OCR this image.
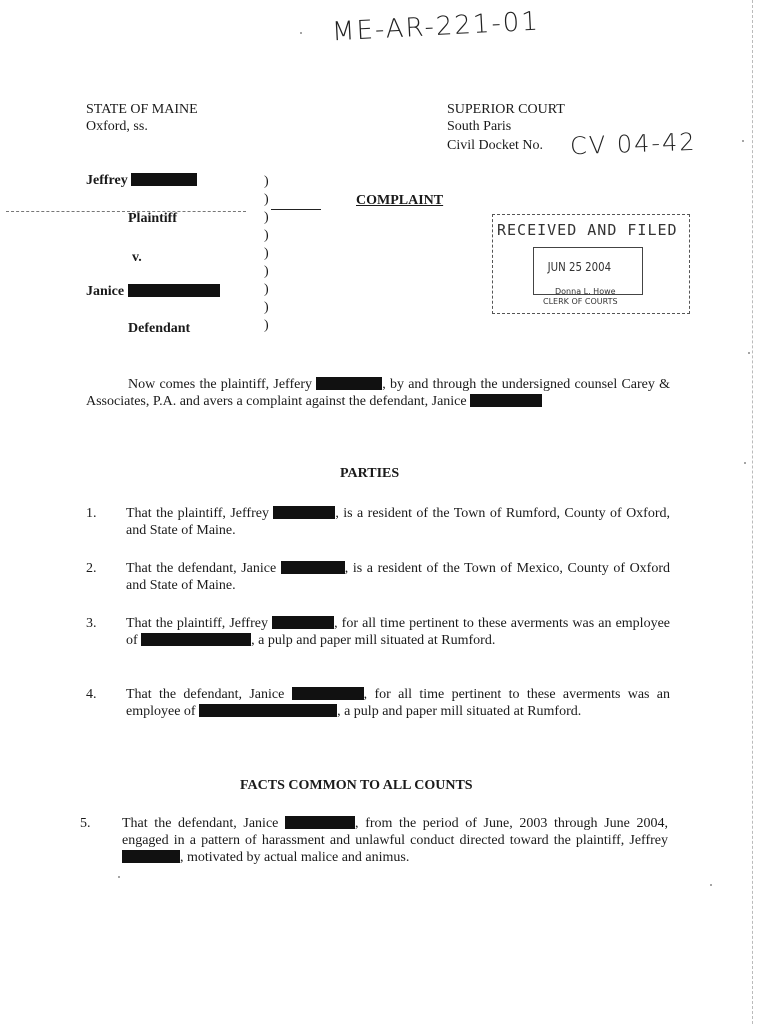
ME-AR-221-01
STATE OF MAINE
Oxford, ss.
SUPERIOR COURT
South Paris
Civil Docket No. CV 04-42
Jeffrey
Plaintiff
v.
Janice
Defendant
)
)
)
)
)
)
)
)
)
COMPLAINT
RECEIVED AND FILED
JUN 25 2004
Donna L. Howe
CLERK OF COURTS
Now comes the plaintiff, Jeffery	, by and through the undersigned counsel Carey & Associates, P.A. and avers a complaint against the defendant, Janice
PARTIES
1. That the plaintiff, Jeffrey	, is a resident of the Town of Rumford, County of Oxford, and State of Maine.
2. That the defendant, Janice	, is a resident of the Town of Mexico, County of Oxford and State of Maine.
3. That the plaintiff, Jeffrey	, for all time pertinent to these averments was an employee of	, a pulp and paper mill situated at Rumford.
4. That the defendant, Janice	, for all time pertinent to these averments was an employee of	, a pulp and paper mill situated at Rumford.
FACTS COMMON TO ALL COUNTS
5. That the defendant, Janice	, from the period of June, 2003 through June 2004, engaged in a pattern of harassment and unlawful conduct directed toward the plaintiff, Jeffrey , motivated by actual malice and animus.
